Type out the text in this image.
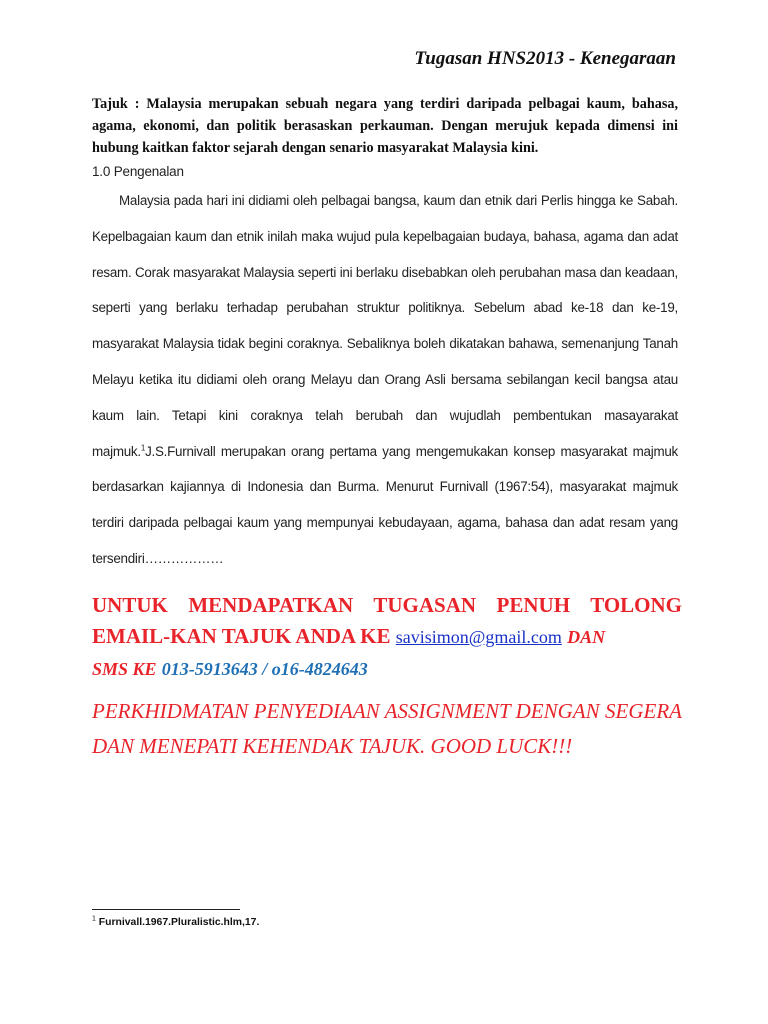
Tugasan HNS2013 - Kenegaraan
Tajuk : Malaysia merupakan sebuah negara yang terdiri daripada pelbagai kaum, bahasa, agama, ekonomi, dan politik berasaskan perkauman. Dengan merujuk kepada dimensi ini hubung kaitkan faktor sejarah dengan senario masyarakat Malaysia kini.
1.0 Pengenalan
Malaysia pada hari ini didiami oleh pelbagai bangsa, kaum dan etnik dari Perlis hingga ke Sabah. Kepelbagaian kaum dan etnik inilah maka wujud pula kepelbagaian budaya, bahasa, agama dan adat resam. Corak masyarakat Malaysia seperti ini berlaku disebabkan oleh perubahan masa dan keadaan, seperti yang berlaku terhadap perubahan struktur politiknya. Sebelum abad ke-18 dan ke-19, masyarakat Malaysia tidak begini coraknya. Sebaliknya boleh dikatakan bahawa, semenanjung Tanah Melayu ketika itu didiami oleh orang Melayu dan Orang Asli bersama sebilangan kecil bangsa atau kaum lain. Tetapi kini coraknya telah berubah dan wujudlah pembentukan masayarakat majmuk.$^1$J.S.Furnivall merupakan orang pertama yang mengemukakan konsep masyarakat majmuk berdasarkan kajiannya di Indonesia dan Burma. Menurut Furnivall (1967:54), masyarakat majmuk terdiri daripada pelbagai kaum yang mempunyai kebudayaan, agama, bahasa dan adat resam yang tersendiri………………
UNTUK MENDAPATKAN TUGASAN PENUH TOLONG EMAIL-KAN TAJUK ANDA KE savisimon@gmail.com DAN
SMS KE 013-5913643 / o16-4824643
PERKHIDMATAN PENYEDIAAN ASSIGNMENT DENGAN SEGERA DAN MENEPATI KEHENDAK TAJUK. GOOD LUCK!!!
$^1$ Furnivall.1967.Pluralistic.hlm,17.
